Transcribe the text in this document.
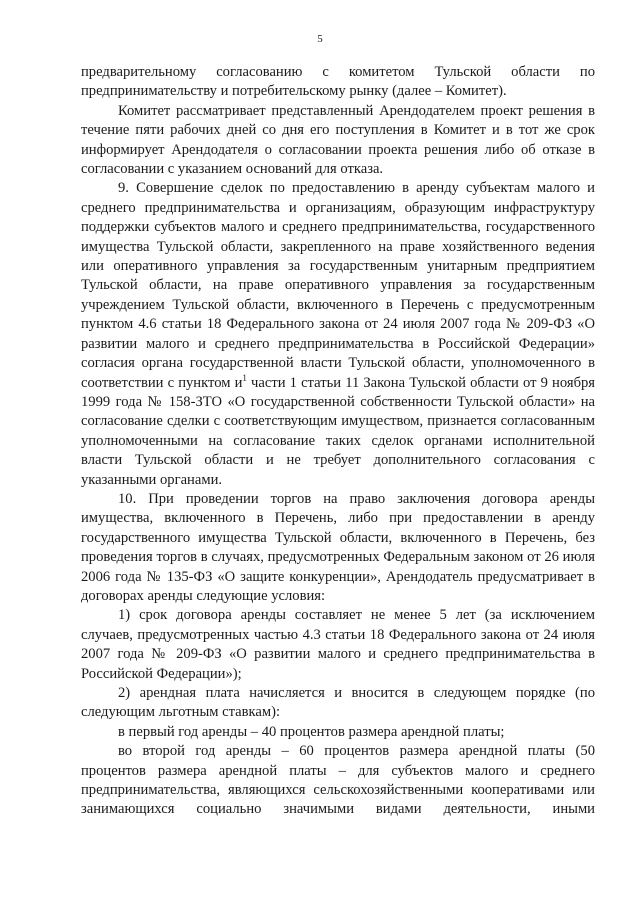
5

предварительному согласованию с комитетом Тульской области по предпринимательству и потребительскому рынку (далее – Комитет).

Комитет рассматривает представленный Арендодателем проект решения в течение пяти рабочих дней со дня его поступления в Комитет и в тот же срок информирует Арендодателя о согласовании проекта решения либо об отказе в согласовании с указанием оснований для отказа.

9. Совершение сделок по предоставлению в аренду субъектам малого и среднего предпринимательства и организациям, образующим инфраструктуру поддержки субъектов малого и среднего предпринимательства, государственного имущества Тульской области, закрепленного на праве хозяйственного ведения или оперативного управления за государственным унитарным предприятием Тульской области, на праве оперативного управления за государственным учреждением Тульской области, включенного в Перечень с предусмотренным пунктом 4.6 статьи 18 Федерального закона от 24 июля 2007 года № 209-ФЗ «О развитии малого и среднего предпринимательства в Российской Федерации» согласия органа государственной власти Тульской области, уполномоченного в соответствии с пунктом $и^1$ части 1 статьи 11 Закона Тульской области от 9 ноября 1999 года № 158-ЗТО «О государственной собственности Тульской области» на согласование сделки с соответствующим имуществом, признается согласованным уполномоченными на согласование таких сделок органами исполнительной власти Тульской области и не требует дополнительного согласования с указанными органами.

10. При проведении торгов на право заключения договора аренды имущества, включенного в Перечень, либо при предоставлении в аренду государственного имущества Тульской области, включенного в Перечень, без проведения торгов в случаях, предусмотренных Федеральным законом от 26 июля 2006 года № 135-ФЗ «О защите конкуренции», Арендодатель предусматривает в договорах аренды следующие условия:

1) срок договора аренды составляет не менее 5 лет (за исключением случаев, предусмотренных частью 4.3 статьи 18 Федерального закона от 24 июля 2007 года № 209-ФЗ «О развитии малого и среднего предпринимательства в Российской Федерации»);

2) арендная плата начисляется и вносится в следующем порядке (по следующим льготным ставкам):

в первый год аренды – 40 процентов размера арендной платы;

во второй год аренды – 60 процентов размера арендной платы (50 процентов размера арендной платы – для субъектов малого и среднего предпринимательства, являющихся сельскохозяйственными кооперативами или занимающихся социально значимыми видами деятельности, иными
